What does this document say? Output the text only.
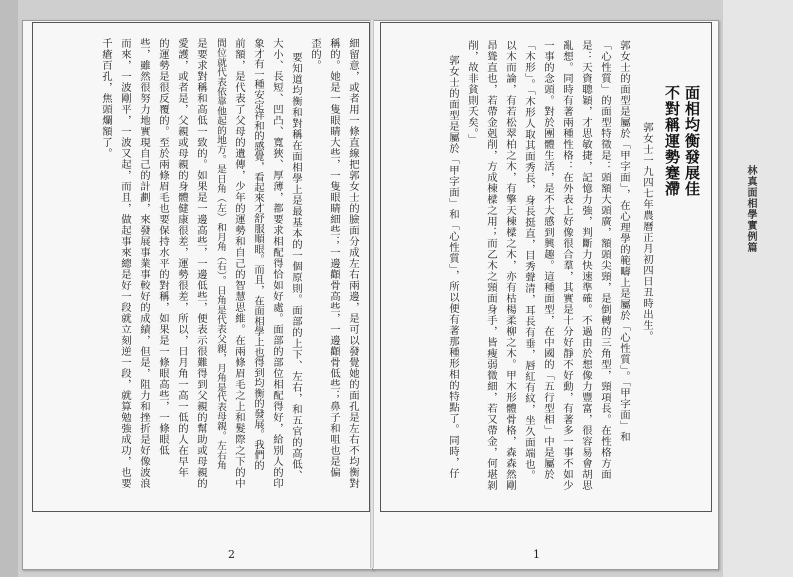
林真面相學實例篇
面相均衡發展佳
不對稱運勢蹇滯
郭女士一九四七年農曆正月初四日丑時出生。
郭女士的面型是屬於「甲字面」，在心理學的範疇上是屬於「心性質」。「甲字面」和
「心性質」的面型特徵是：頭額大頭廣，額頭尖頸，是倒轉的三角型，頸項長。在性格方面
是：天資聰穎，才思敏捷，記憶力強，判斷力快速準確。不過由於想像力豐富，很容易會胡思
亂想。同時有著兩種性格：在外表上好像很合羣，其實是十分好靜不好動，有著多一事不如少
一事的念頭。對於團體生活，是不大感到興趣。這種面型，在中國的「五行型相」中是屬於
「木形」。「木形人取其面秀長，身長挺直，目秀聲清，耳長有垂，唇紅有紋，坐久面端也。
以木而論，有若松翠柏之木，有擎天棟樑之木，亦有枯楊柔柳之木。甲木形體骨格，森森然剛
昂聳直也，若帶金剋削，方成棟樑之用；而乙木之頸面身手，皆瘦弱微細，若又帶金，何堪剝
削，故非貧則夭矣。」
郭女士的面型是屬於「甲字面」和「心性質」，所以便有著那種形相的特點了。同時，仔
細留意，或者用一條直線把郭女士的臉面分成左右兩邊，是可以發覺她的面孔是左右不均衡對
稱的。她是一隻眼睛大些，一隻眼睛細些；一邊顴骨高些，一邊顴骨低些；鼻子和咀也是偏
歪的。
要知道均衡和對稱在面相學上是最基本的一個原則。面部的上下、左右，和五官的高低、
大小、長短、凹凸、寬狹、厚薄，都要求相配得恰如好處。面部的部位相配得好，給別人的印
象才有一種安定祥和的感覺，看起來才舒服順眼。而且，在面相學上也得到均衡的發展。我們的
前額，是代表了父母的遺傳，少年的運勢和自己的智慧思維。在兩條眉毛之上和髮際之下的中
間位就代表依靠他起的地方。是日角（左）和月角（右）。日角是代表父親，月角是代表母親。左右角
是要求對稱和高低一致的。如果是一邊高些，一邊低些，便表示很難得到父親的幫助或母親的
愛護，或者是，父親或母親的身體健康很差，運勢很差，所以，日月角一高一低的人在早年
的運勢是很反覆的。至於兩條眉毛也要保持水平的對稱，如果是一條眼高些，一條眼低
些，雖然很努力地實現自己的計劃，來發展事業事較好的成績，但是，阻力和挫折是好像波浪
而來，一波剛平，一波又起，而且，做起事來總是好一段就立刻逆一段，就算勉強成功，也要
千瘡百孔，焦頭爛額了。
2	1
